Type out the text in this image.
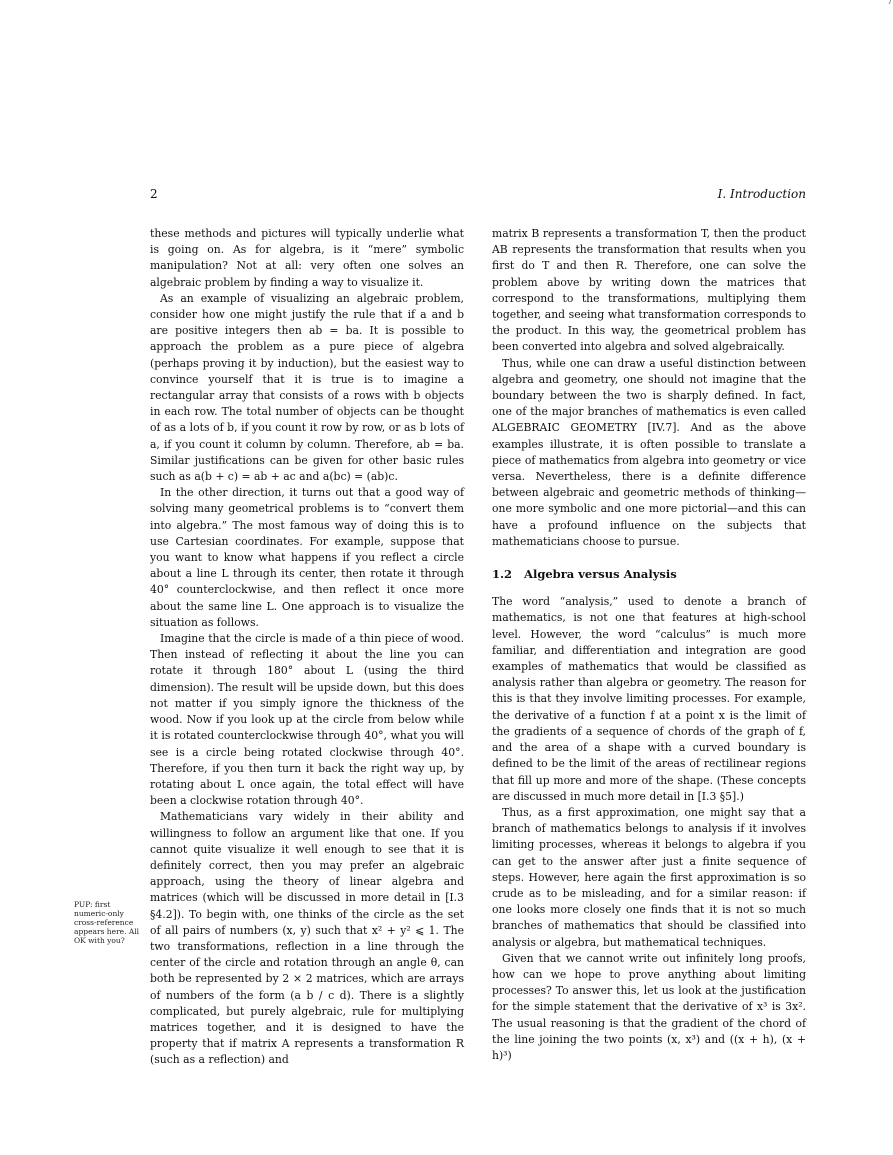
2	I. Introduction

these methods and pictures will typically underlie what is going on. As for algebra, is it “mere” symbolic manipulation? Not at all: very often one solves an algebraic problem by finding a way to visualize it.

As an example of visualizing an algebraic problem, consider how one might justify the rule that if a and b are positive integers then ab = ba. It is possible to approach the problem as a pure piece of algebra (perhaps proving it by induction), but the easiest way to convince yourself that it is true is to imagine a rectangular array that consists of a rows with b objects in each row. The total number of objects can be thought of as a lots of b, if you count it row by row, or as b lots of a, if you count it column by column. Therefore, ab = ba. Similar justifications can be given for other basic rules such as a(b + c) = ab + ac and a(bc) = (ab)c.

In the other direction, it turns out that a good way of solving many geometrical problems is to “convert them into algebra.” The most famous way of doing this is to use Cartesian coordinates. For example, suppose that you want to know what happens if you reflect a circle about a line L through its center, then rotate it through 40° counterclockwise, and then reflect it once more about the same line L. One approach is to visualize the situation as follows.

Imagine that the circle is made of a thin piece of wood. Then instead of reflecting it about the line you can rotate it through 180° about L (using the third dimension). The result will be upside down, but this does not matter if you simply ignore the thickness of the wood. Now if you look up at the circle from below while it is rotated counterclockwise through 40°, what you will see is a circle being rotated clockwise through 40°. Therefore, if you then turn it back the right way up, by rotating about L once again, the total effect will have been a clockwise rotation through 40°.

Mathematicians vary widely in their ability and willingness to follow an argument like that one. If you cannot quite visualize it well enough to see that it is definitely correct, then you may prefer an algebraic approach, using the theory of linear algebra and matrices (which will be discussed in more detail in [I.3 §4.2]). To begin with, one thinks of the circle as the set of all pairs of numbers (x, y) such that x² + y² ⩽ 1. The two transformations, reflection in a line through the center of the circle and rotation through an angle θ, can both be represented by 2 × 2 matrices, which are arrays of numbers of the form (a b / c d). There is a slightly complicated, but purely algebraic, rule for multiplying matrices together, and it is designed to have the property that if matrix A represents a transformation R (such as a reflection) and

PUP: first numeric-only cross-reference appears here. All OK with you?

matrix B represents a transformation T, then the product AB represents the transformation that results when you first do T and then R. Therefore, one can solve the problem above by writing down the matrices that correspond to the transformations, multiplying them together, and seeing what transformation corresponds to the product. In this way, the geometrical problem has been converted into algebra and solved algebraically.

Thus, while one can draw a useful distinction between algebra and geometry, one should not imagine that the boundary between the two is sharply defined. In fact, one of the major branches of mathematics is even called ALGEBRAIC GEOMETRY [IV.7]. And as the above examples illustrate, it is often possible to translate a piece of mathematics from algebra into geometry or vice versa. Nevertheless, there is a definite difference between algebraic and geometric methods of thinking—one more symbolic and one more pictorial—and this can have a profound influence on the subjects that mathematicians choose to pursue.

1.2 Algebra versus Analysis

The word “analysis,” used to denote a branch of mathematics, is not one that features at high-school level. However, the word “calculus” is much more familiar, and differentiation and integration are good examples of mathematics that would be classified as analysis rather than algebra or geometry. The reason for this is that they involve limiting processes. For example, the derivative of a function f at a point x is the limit of the gradients of a sequence of chords of the graph of f, and the area of a shape with a curved boundary is defined to be the limit of the areas of rectilinear regions that fill up more and more of the shape. (These concepts are discussed in much more detail in [I.3 §5].)

Thus, as a first approximation, one might say that a branch of mathematics belongs to analysis if it involves limiting processes, whereas it belongs to algebra if you can get to the answer after just a finite sequence of steps. However, here again the first approximation is so crude as to be misleading, and for a similar reason: if one looks more closely one finds that it is not so much branches of mathematics that should be classified into analysis or algebra, but mathematical techniques.

Given that we cannot write out infinitely long proofs, how can we hope to prove anything about limiting processes? To answer this, let us look at the justification for the simple statement that the derivative of x³ is 3x². The usual reasoning is that the gradient of the chord of the line joining the two points (x, x³) and ((x + h), (x + h)³)
